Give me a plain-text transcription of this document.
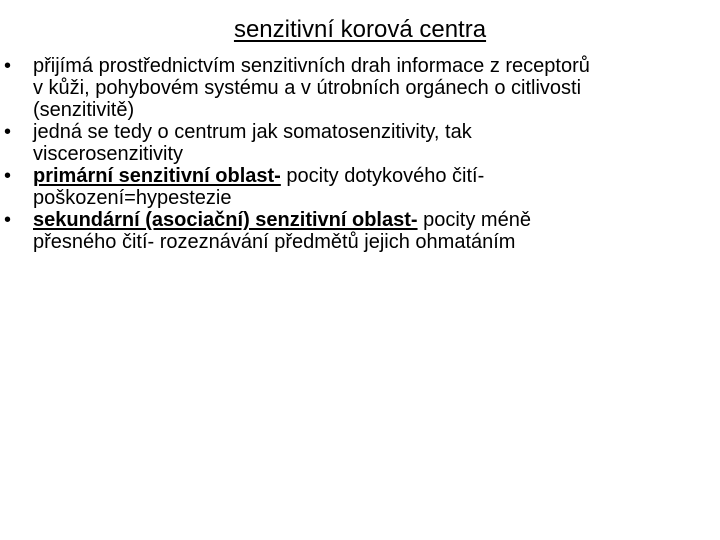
senzitivní korová centra
• přijímá prostřednictvím senzitivních drah informace z receptorů
v kůži, pohybovém systému a v útrobních orgánech o citlivosti
(senzitivitě)
• jedná se tedy o centrum jak somatosenzitivity, tak
viscerosenzitivity
• primární senzitivní oblast- pocity dotykového čití-
poškození=hypestezie
• sekundární (asociační) senzitivní oblast- pocity méně
přesného čití- rozeznávání předmětů jejich ohmatáním
